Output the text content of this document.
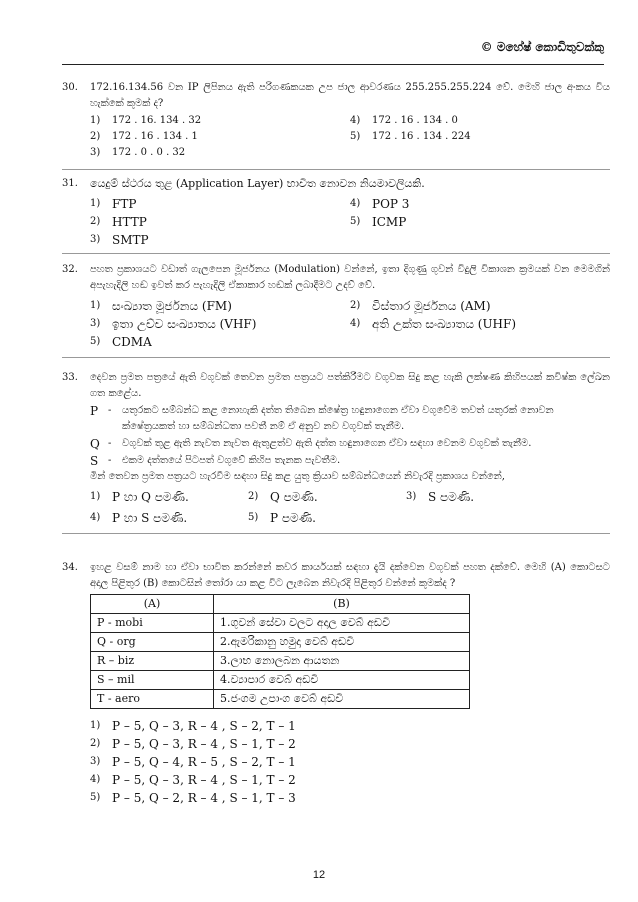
© මහේෂ් කොඩිතුවක්කු
30.	172.16.134.56 වන IP ලිපිනය ඇති පරිගණකයක උප ජාල ආවරණය 255.255.255.224 වේ. මෙහි ජාල අංකය විය හැක්කේ කුමක් ද?
1)	172 . 16. 134 . 32	4)	172 . 16 . 134 . 0
2)	172 . 16 . 134 . 1	5)	172 . 16 . 134 . 224
3)	172 . 0 . 0 . 32
31.	යෙදුම් ස්ථරය තුළ (Application Layer) භාවිත නොවන නියමාවලියකි.
1) FTP	4) POP 3
2) HTTP	5) ICMP
3) SMTP
32.	පහත ප්‍රකාශයට වඩාත් ගැලපෙන මූර්ජනය (Modulation) වන්නේ, ඉතා දිගුණු ගුවන් විදුලි විකාශන ක්‍රමයක් වන මෙමගින් අපැහැදිලි හඬ ඉවත් කර පැහැදිලි ඒකාකාර හඬක් ලබාදීමට උදව් වේ.
1) සංඛ්‍යාත මූර්ජනය (FM)	2) විස්තාර මූර්ජනය (AM)
3) ඉතා උච්ච සංඛ්‍යාතය (VHF)	4) අති උක්ත සංඛ්‍යාතය (UHF)
5) CDMA
33.	දෙවන ප්‍රමත පත්‍රයේ ඇති වගුවක් තෙවන ප්‍රමත පත්‍රයට පත්කිරීමට වගුවක සිදු කළ හැකි ලක්ෂණ කිහිපයක් කවිෂ්ක ලේඛන ගත කළේය.
P -	යතුරකට සම්බන්ධ කළ නොහැකි දත්ත තිබෙන ක්ෂේත්‍ර හඳුනාගෙන ඒවා වගුවේම තවත් යතුරක් නොවන ක්ෂේත්‍රයකත් හා සම්බන්ධතා පවතී නම් ඒ අනුව නව වගුවක් තැනීම.
Q -	වගුවක් තුළ ඇති නැවත නැවත ඇතුළත්ව ඇති දත්ත හඳුනාගෙන ඒවා සඳහා වෙනම වගුවක් තැනීම.
S -	එකම දත්තයේ පිටපත් වගුවේ කිහිප තැනක පැවතීම.
මින් තෙවන ප්‍රමත පත්‍රයට හැරවීම සඳහා සිදු කළ යුතු ක්‍රියාව සම්බන්ධයෙන් නිවැරදි ප්‍රකාශය වන්නේ,
1) P හා Q පමණි.	2) Q පමණි.	3) S පමණි.
4) P හා S පමණි.	5) P පමණි.
34.	ඉහළ වසම් නාම හා ඒවා භාවිත කරන්නේ කවර කාර්යයක් සඳහා දැයි දක්වෙන වගුවක් පහත දක්වේ. මෙහි (A) කොටසට අදාල පිළිතුර (B) කොටසින් තෝරා යා කළ විට ලැබෙන නිවැරදි පිළිතුර වන්නේ කුමක්ද ?
(A)	(B)
P - mobi	1.ගුවන් සේවා වලට අදාල වෙබ් අඩවි
Q - org	2.ඇමරිකානු හමුදා වෙබ් අඩවි
R – biz	3.ලාභ නොලබන ආයතන
S – mil	4.ව්‍යාපාර වෙබ් අඩවි
T - aero	5.ජංගම උපාංග වෙබ් අඩවි
1) P – 5, Q – 3, R – 4 , S – 2, T – 1
2) P – 5, Q – 3, R – 4 , S – 1, T – 2
3) P – 5, Q – 4, R – 5 , S – 2, T – 1
4) P – 5, Q – 3, R – 4 , S – 1, T – 2
5) P – 5, Q – 2, R – 4 , S – 1, T – 3
12
